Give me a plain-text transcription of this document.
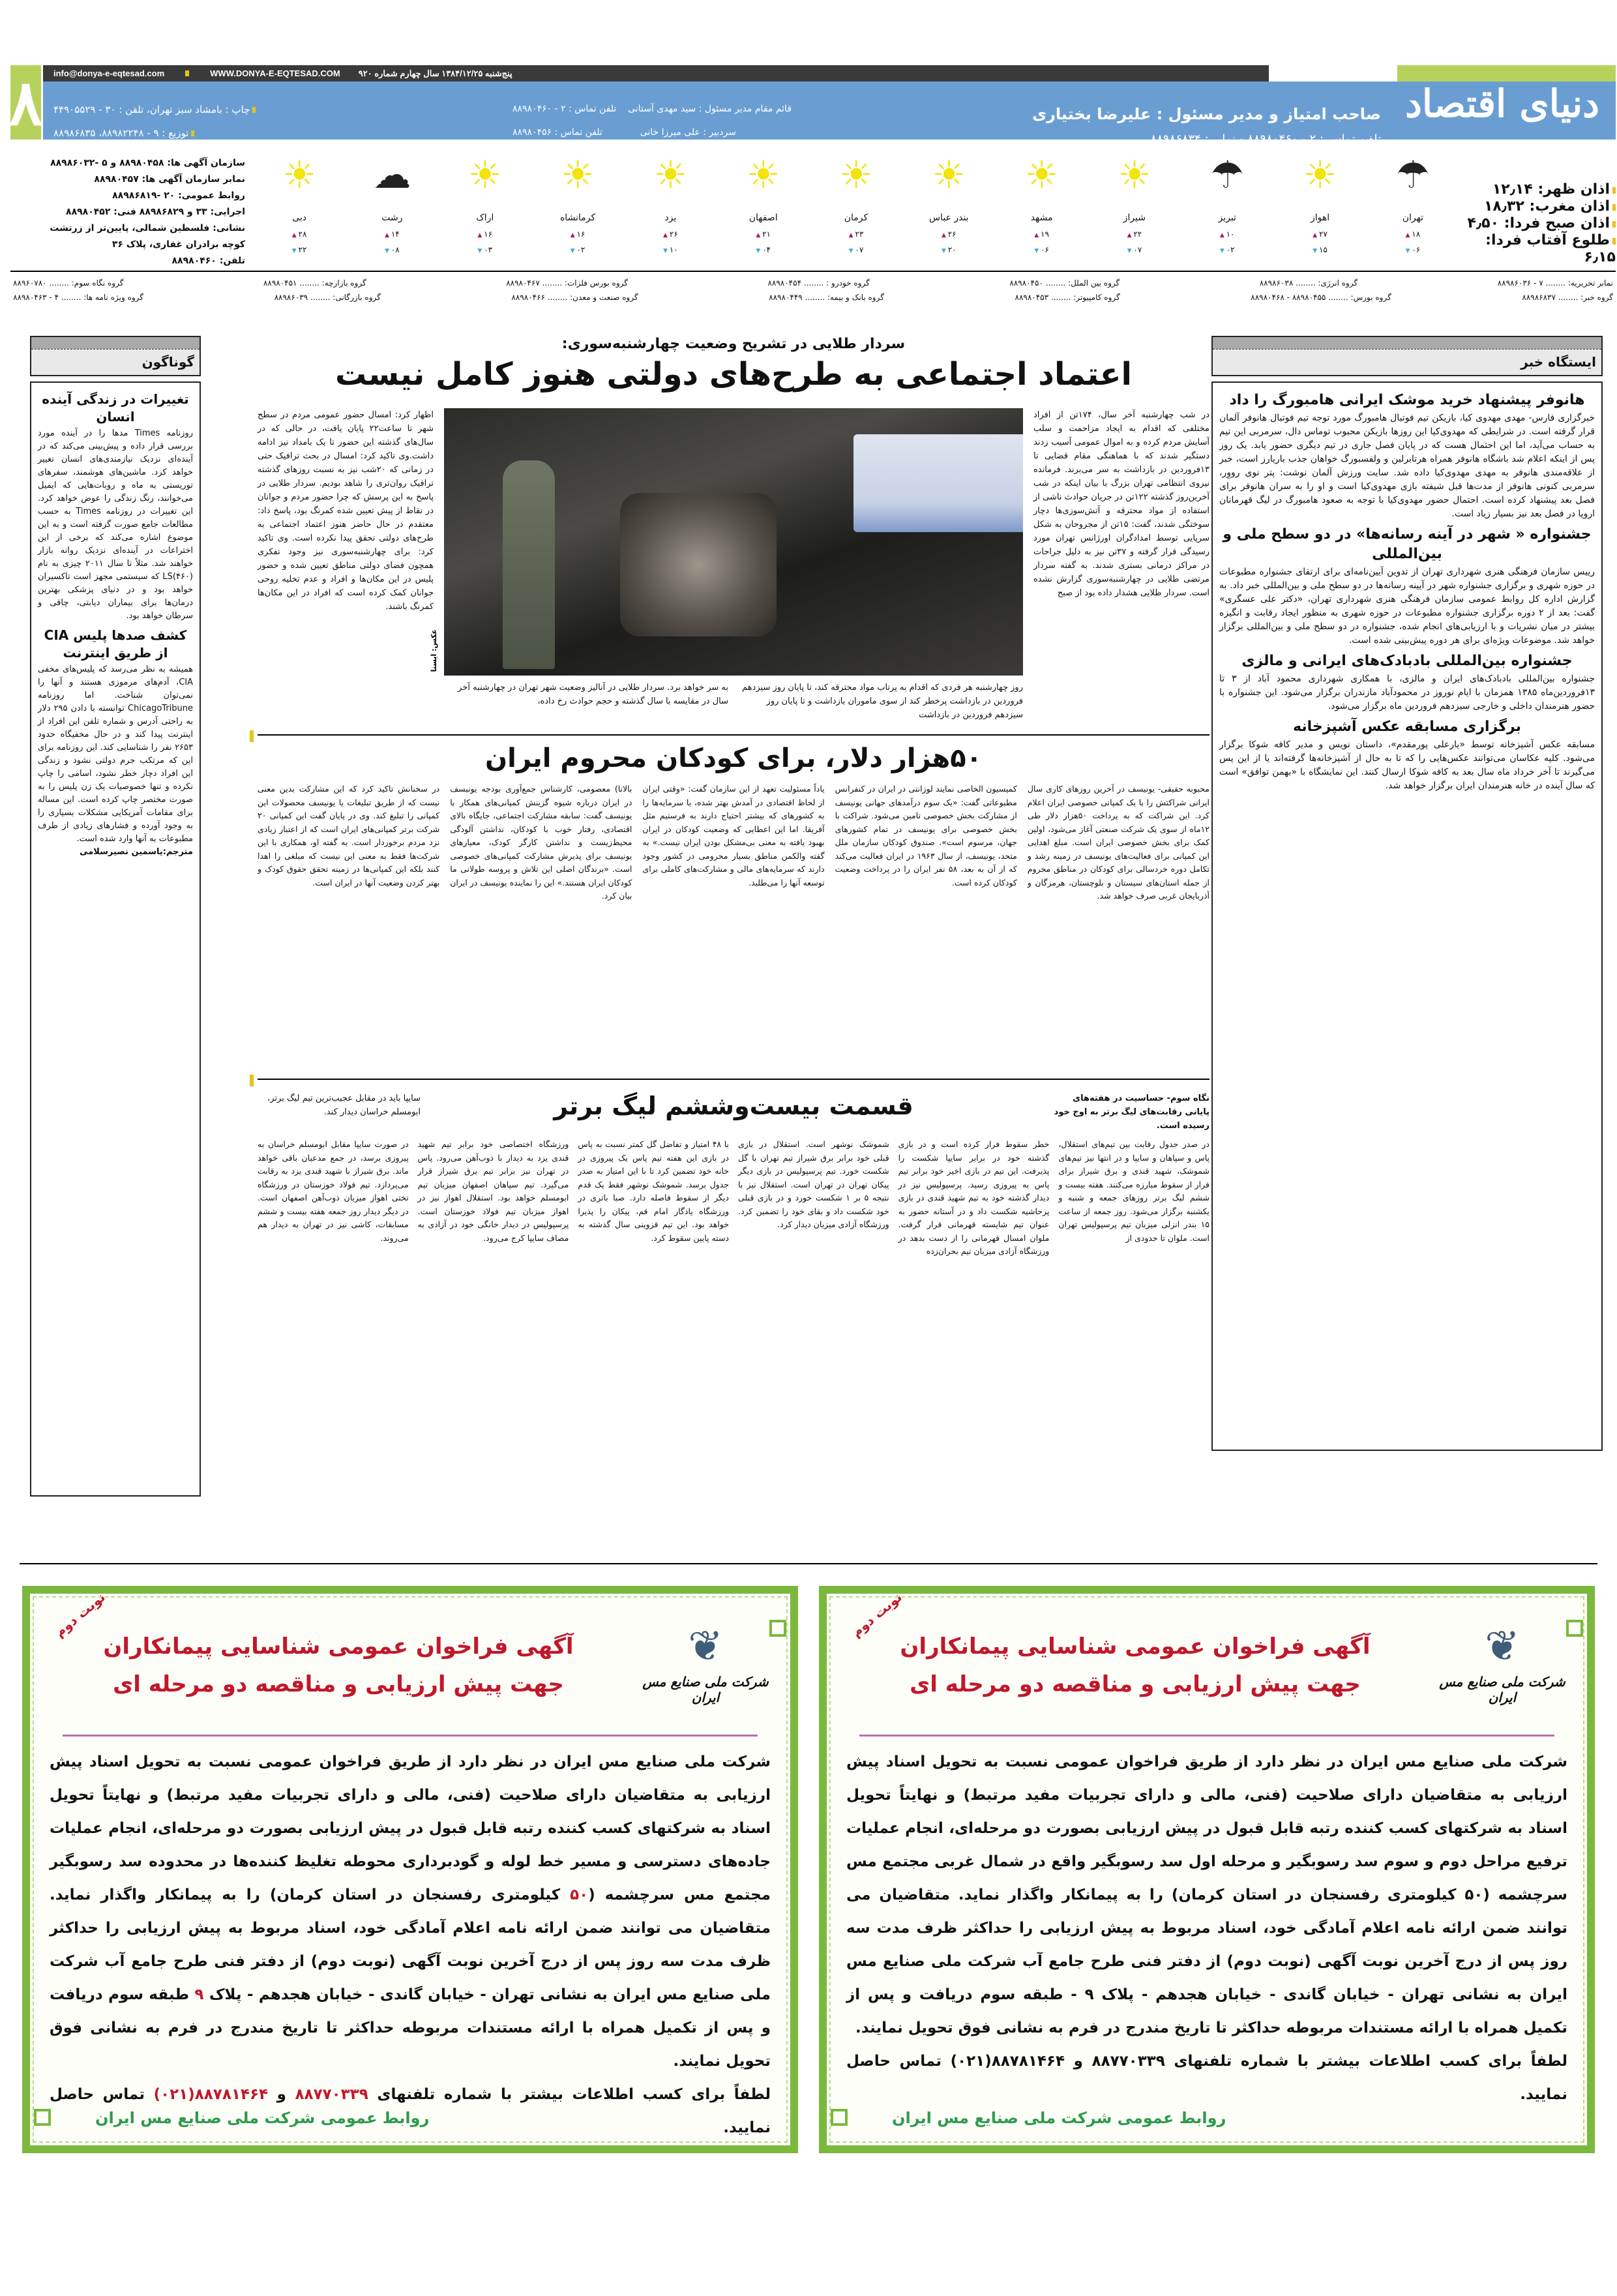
۸ info@donya-e-eqtesad.com	WWW.DONYA-E-EQTESAD.COM پنج‌شنبه ۱۳۸۴/۱۲/۲۵ سال چهارم شماره ۹۲۰
چاپ : بامشاد سبز تهران، تلفن : ۳۰ - ۴۴۹۰۵۵۲۹
توزیع : ۹ - ۸۸۹۸۲۲۴۸، ۸۸۹۸۶۸۳۵
قائم مقام مدیر مسئول : سید مهدی آستانی    تلفن تماس : ۲ - ۸۸۹۸۰۴۶۰
سردبیر : علی میرزا خانی             تلفن تماس : ۸۸۹۸۰۴۵۶
صاحب امتیاز و مدیر مسئول : علیرضا بختیاری
تلفن تماس : ۲ - ۸۸۹۸۰۴۶۰ - نمابر : ۸۸۹۸۶۸۳۴
دنیای اقتصاد
اذان ظهر: ۱۲٫۱۴
اذان مغرب: ۱۸٫۳۲
اذان صبح فردا: ۴٫۵۰
طلوع آفتاب فردا: ۶٫۱۵
☂
تهران
▲ ۱۸
▼ ۰۶
☀
اهواز
▲ ۲۷
▼ ۱۵
☂
تبریز
▲ ۱۰
▼ ۰۲
☀
شیراز
▲ ۲۲
▼ ۰۷
☀
مشهد
▲ ۱۹
▼ ۰۶
☀
بندر عباس
▲ ۲۶
▼ ۲۰
☀
کرمان
▲ ۲۳
▼ ۰۷
☀
اصفهان
▲ ۲۱
▼ ۰۴
☀
یزد
▲ ۲۶
▼ ۱۰
☀
کرمانشاه
▲ ۱۶
▼ ۰۲
☀
اراک
▲ ۱۶
▼ ۰۳
☁
رشت
▲ ۱۴
▼ ۰۸
☀
دبی
▲ ۲۸
▼ ۲۲
سازمان آگهی ها: ۸۸۹۸۰۴۵۸ و ۵ -۸۸۹۸۶۰۳۲
نمابر سازمان آگهی ها: ۸۸۹۸۰۴۵۷
روابط عمومی: ۲۰ -۸۸۹۸۶۸۱۹
اجرایی: ۳۳ و ۸۸۹۸۶۸۲۹ فنی: ۸۸۹۸۰۴۵۲
نشانی: فلسطین شمالی، پایین‌تر از زرتشت
کوچه برادران غفاری، پلاک ۳۶
تلفن: ۸۸۹۸۰۴۶۰
نمابر تحریریه: ........ ۷ - ۸۸۹۸۶۰۳۶
گروه انرژی: ........ ۸۸۹۸۶۰۳۸
گروه بین الملل: ........ ۸۸۹۸۰۴۵۰
گروه خودرو : ........ ۸۸۹۸۰۴۵۴
گروه بورس فلزات: ........ ۸۸۹۸۰۴۶۷
گروه بازارچه: ........ ۸۸۹۸۰۴۵۱
گروه نگاه سوم: ........ ۸۸۹۶۰۷۸۰
گروه خبر: ........ ۸۸۹۸۶۸۳۷
گروه بورس: ........ ۸۸۹۸۰۴۵۵ - ۸۸۹۸۰۴۶۸
گروه کامپیوتر: ........ ۸۸۹۸۰۴۵۳
گروه بانک و بیمه: ........ ۸۸۹۸۰۴۴۹
گروه صنعت و معدن: ........ ۸۸۹۸۰۴۶۶
گروه بازرگانی: ........ ۸۸۹۸۶۰۳۹
گروه ویژه نامه ها: ........ ۴ - ۸۸۹۸۰۴۶۳
ایستگاه خبر
هانوفر پیشنهاد خرید موشک ایرانی هامبورگ را داد

خبرگزاری فارس- مهدی مهدوی کیا، بازیکن تیم فوتبال هامبورگ مورد توجه تیم فوتبال هانوفر آلمان قرار گرفته است. در شرایطی که مهدوی‌کیا این روزها بازیکن محبوب توماس دال، سرمربی این تیم به حساب می‌آید، اما این احتمال هست که در پایان فصل جاری در تیم دیگری حضور یابد. یک روز پس از اینکه اعلام شد باشگاه هانوفر همراه هرتابرلین و ولفسبورگ خواهان جذب باریارز است، خبر از علاقه‌مندی هانوفر به مهدی مهدوی‌کیا داده شد. سایت ورزش آلمان نوشت: پتر نوی رووِر، سرمربی کنونی هانوفر از مدت‌ها قبل شیفته بازی مهدوی‌کیا است و او را به سران هانوفر برای فصل بعد پیشنهاد کرده است. احتمال حضور مهدوی‌کیا با توجه به صعود هامبورگ در لیگ قهرمانان اروپا در فصل بعد نیز بسیار زیاد است.

جشنواره « شهر در آینه رسانه‌ها» در دو سطح ملی و بین‌المللی

رییس سازمان فرهنگی هنری شهرداری تهران از تدوین آیین‌نامه‌ای برای ارتقای جشنواره مطبوعات در حوزه شهری و برگزاری جشنواره شهر در آیینه رسانه‌ها در دو سطح ملی و بین‌المللی خبر داد. به گزارش اداره کل روابط عمومی سازمان فرهنگی هنری شهرداری تهران، «دکتر علی عسگری» گفت: بعد از ۲ دوره برگزاری جشنواره مطبوعات در حوزه شهری به منظور ایجاد رقابت و انگیزه بیشتر در میان نشریات و با ارزیابی‌های انجام شده، جشنواره در دو سطح ملی و بین‌المللی برگزار خواهد شد. موضوعات ویژه‌ای برای هر دوره پیش‌بینی شده است.

جشنواره بین‌المللی بادبادک‌های ایرانی و مالزی

جشنواره بین‌المللی بادبادک‌های ایران و مالزی، با همکاری شهرداری محمود آباد از ۳ تا ۱۳فروردین‌ماه ۱۳۸۵ همزمان با ایام نوروز در محمودآباد مازندران برگزار می‌شود. این جشنواره با حضور هنرمندان داخلی و خارجی سیزدهم فروردین ماه برگزار می‌شود.

برگزاری مسابقه عکس آشپزخانه

مسابقه عکس آشپزخانه توسط «یارعلی پورمقدم»، داستان نویس و مدیر کافه شوکا برگزار می‌شود. کلیه عکاسان می‌توانند عکس‌هایی را که تا به حال از آشپزخانه‌ها گرفته‌اند یا از این پس می‌گیرند تا آخر خرداد ماه سال بعد به کافه شوکا ارسال کنند. این نمایشگاه با «بهمن توافق» است که سال آینده در خانه هنرمندان ایران برگزار خواهد شد.

گوناگون
تغییرات در زندگی آینده انسان

روزنامه Times مدها را در آینده مورد بررسی قرار داده و پیش‌بینی می‌کند که در آینده‌ای نزدیک نیازمندی‌های انسان تغییر خواهد کرد. ماشین‌های هوشمند، سفرهای توریستی به ماه و روبات‌هایی که ایمیل می‌خوانند، رنگ زندگی را عوض خواهد کرد. این تغییرات در روزنامه Times به حسب مطالعات جامع صورت گرفته است و به این موضوع اشاره می‌کند که برخی از این اختراعات در آینده‌ای نزدیک روانه بازار خواهند شد. مثلاً تا سال ۲۰۱۱ چیزی به نام LS(۴۶۰) که سیستمی مجهز است تاکسیران خواهد بود و در دنیای پزشکی بهترین درمان‌ها برای بیماران دیابتی، چاقی و سرطان خواهد بود.

کشف صدها پلیس CIA از طریق اینترنت

همیشه به نظر می‌رسد که پلیس‌های مخفی CIA، آدم‌های مرموزی هستند و آنها را نمی‌توان شناخت. اما روزنامه ChicagoTribune توانسته با دادن ۲۹۵ دلار به راحتی آدرس و شماره تلفن این افراد از اینترنت پیدا کند و در حال مخفیگاه حدود ۲۶۵۳ نفر را شناسایی کند. این روزنامه برای این که مرتکب جرم دولتی نشود و زندگی این افراد دچار خطر نشود، اسامی را چاپ نکرده و تنها خصوصیات یک زن پلیس را به صورت مختصر چاپ کرده است. این مساله برای مقامات آمریکایی مشکلات بسیاری را به وجود آورده و فشارهای زیادی از طرف مطبوعات به آنها وارد شده است.

مترجم:یاسمین نصیرسلامی

سردار طلایی در تشریح وضعیت چهارشنبه‌سوری:
اعتماد اجتماعی به طرح‌های دولتی هنوز کامل نیست
در شب چهارشنبه آخر سال، ۱۷۴تن از افراد مختلفی که اقدام به ایجاد مزاحمت و سلب آسایش مردم کرده و به اموال عمومی آسیب زدند دستگیر شدند که با هماهنگی مقام قضایی تا ۱۳فروردین در بازداشت به سر می‌برند. فرمانده نیروی انتظامی تهران بزرگ با بیان اینکه در شب آخرین‌روز گذشته ۱۲۲تن در جریان حوادث ناشی از استفاده از مواد محترقه و آتش‌سوزی‌ها دچار سوختگی شدند، گفت: ۱۵تن از مجروحان به شکل سرپایی توسط امدادگران اورژانس تهران مورد رسیدگی قرار گرفته و ۳۷تن نیز به دلیل جراحات در مراکز درمانی بستری شدند. به گفته سردار مرتضی طلایی در چهارشنبه‌سوری گزارش نشده است. سردار طلایی هشدار داده بود از صبح
عکس: ایسنا
روز چهارشنبه هر فردی که اقدام به پرتاب مواد محترقه کند، تا پایان روز سیزدهم فروردین در بازداشت پرخطر کند از سوی ماموران بازداشت و تا پایان روز سیزدهم فروردین در بازداشت
به سر خواهد برد. سردار طلایی در آنالیز وضعیت شهر تهران در چهارشنبه آخر سال در مقایسه با سال گذشته و حجم حوادث رخ داده،
اظهار کرد: امسال حضور عمومی مردم در سطح شهر تا ساعت۲۲ پایان یافت، در حالی که در سال‌های گذشته این حضور تا یک بامداد نیز ادامه داشت‌.وی تاکید کرد: امسال در بحث ترافیک حتی در زمانی که ۲۰شب نیز به نسبت روزهای گذشته ترافیک روان‌تری را شاهد بودیم. سردار طلایی در پاسخ به این پرسش که چرا حضور مردم و جوانان در نقاط از پیش تعیین شده کمرنگ بود، پاسخ داد: معتقدم در حال حاضر هنوز اعتماد اجتماعی به طرح‌های دولتی تحقق پیدا نکرده است. وی تاکید کرد: برای چهارشنبه‌سوری نیز وجود تفکری همچون فضای دولتی مناطق تعیین شده و حضور پلیس در این مکان‌ها و افراد و عدم تخلیه روحی جوانان کمک کرده است که افراد در این مکان‌ها کمرنگ باشند.
۵۰هزار دلار، برای کودکان محروم ایران
محبوبه حقیقی- یونیسف در آخرین روزهای کاری سال ایرانی شراکتش را با یک کمپانی خصوصی ایران اعلام کرد. این شراکت که به پرداخت ۵۰هزار دلار طی ۱۲ماه از سوی یک شرکت صنعتی آغاز می‌شود، اولین کمک برای بخش خصوصی ایران است. مبلغ اهدایی این کمپانی برای فعالیت‌های یونیسف در زمینه رشد و تکامل دوره خردسالی برای کودکان در مناطق محروم از جمله استان‌های سیستان و بلوچستان، هرمزگان و آذربایجان غربی صرف خواهد شد.
کمیسیون الخاصی نمایند لوزانتی در ایران در کنفرانس مطبوعاتی گفت: «یک سوم درآمدهای جهانی یونیسف از مشارکت بخش خصوصی تامین می‌شود. شراکت با بخش خصوصی برای یونیسف در تمام کشورهای جهان، مرسوم است». صندوق کودکان سازمان ملل متحد، یونیسف، از سال ۱۹۶۳ در ایران فعالیت می‌کند که از آن به بعد، ۵۸ نفر ایران را در پرداخت وضعیت کودکان کرده است.
یاداً مسئولیت تعهد از این سازمان گفت: «وقتی ایران از لحاظ اقتصادی در آمدش بهتر شده، با سرمایه‌ها را به کشورهای که بیشتر احتیاج دارند به فرستیم مثل آفریقا. اما این اعطایی که وضعیت کودکان در ایران بهبود یافته به معنی بی‌مشکل بودن ایران نیست.» به گفته والکمن مناطق بسیار محرومی در کشور وجود دارند که سرمایه‌های مالی و مشارکت‌های کاملی برای توسعه آنها را می‌طلبد.
بالاتا) معصومی، کارشناس جمع‌آوری بودجه یونیسف در ایران درباره شیوه گزینش کمپانی‌های همکار با یونیسف گفت: سابقه مشارکت اجتماعی، جایگاه بالای اقتصادی، رفتار خوب با کودکان، نداشتن آلودگی محیط‌زیست و نداشتن کارگر کودک، معیارهای یونیسف برای پذیرش مشارکت کمپانی‌های خصوصی است. «برندگان اصلی این تلاش و پروسه طولانی ما کودکان ایران هستند.» این را نماینده یونیسف در ایران بیان کرد.
در سخنانش تاکید کرد که این مشارکت بدین معنی نیست که از طریق تبلیغات یا یونیسف محصولات این کمپانی را تبلیغ کند. وی در پایان گفت این کمپانی ۲۰ شرکت برتر کمپانی‌های ایران است که از اعتبار زیادی نزد مردم برخوردار است. به گفته او، همکاری با این شرکت‌ها فقط به معنی این نیست که مبلغی را اهدا کنند بلکه این کمپانی‌ها در زمینه تحقق حقوق کودک و بهتر کردن وضعیت آنها در ایران است.
نگاه سوم- حساسیت در هفته‌های پایانی رقابت‌های لیگ برتر به اوج خود رسیده است.
قسمت بیست‌وششم لیگ برتر
سایپا باید در مقابل عجیب‌ترین تیم لیگ برتر، ابومسلم خراسان دیدار کند.
در صدر جدول رقابت بین تیم‌های استقلال، پاس و سپاهان و سایپا و در انتها نیز تیم‌های شموشک، شهید قندی و برق شیراز برای فرار از سقوط مبارزه می‌کنند. هفته بیست و ششم لیگ برتر روزهای جمعه و شنبه و یکشنبه برگزار می‌شود. روز جمعه از ساعت ۱۵ بندر انزلی میزبان تیم پرسپولیس تهران است. ملوان تا حدودی از
خطر سقوط فرار کرده است و در بازی گذشته خود در برابر سایپا شکست را پذیرفت. این تیم در بازی اخیر خود برابر تیم پاس به پیروزی رسید. پرسپولیس نیز در دیدار گذشته خود به تیم شهید قندی در بازی پرحاشیه شکست داد و در آستانه حضور به عنوان تیم شایسته قهرمانی قرار گرفت. ملوان امسال قهرمانی را از دست بدهد در ورزشگاه آزادی میزبان تیم بحران‌زده
شموشک نوشهر است. استقلال در بازی قبلی خود برابر برق شیراز تیم تهران با گل شکست خورد. تیم پرسپولیس در بازی دیگر پیکان تهران در تهران است. استقلال نیز با نتیجه ۵ بر ۱ شکست خورد و در بازی قبلی خود شکست داد و بقای خود را تضمین کرد. ورزشگاه آزادی میزبان دیدار کرد.
با ۴۸ امتیاز و تفاضل گل کمتر نسبت به پاس در بازی این هفته تیم پاس یک پیروزی در خانه خود تضمین کرد تا با این امتیاز به صدر جدول برسد. شموشک نوشهر فقط یک قدم دیگر از سقوط فاصله دارد. صبا باتری در ورزشگاه یادگار امام قم، پیکان را پذیرا خواهد بود. این تیم قزوینی سال گذشته به دسته پایین سقوط کرد.
ورزشگاه اختصاصی خود برابر تیم شهید قندی یزد به دیدار با ذوب‌آهن می‌رود. پاس در تهران نیز برابر تیم برق شیراز قرار می‌گیرد. تیم سپاهان اصفهان میزبان تیم ابومسلم خواهد بود. استقلال اهواز نیز در اهواز میزبان تیم فولاد خوزستان است. پرسپولیس در دیدار خانگی خود در آزادی به مصاف سایپا کرج می‌رود.
در صورت سایپا مقابل ابومسلم خراسان به پیروزی برسد، در جمع مدعیان باقی خواهد ماند. برق شیراز با شهید قندی یزد به رقابت می‌پردازد. تیم فولاد خوزستان در ورزشگاه تختی اهواز میزبان ذوب‌آهن اصفهان است. در دیگر دیدار روز جمعه هفته بیست و ششم مسابقات، کاشی نیز در تهران به دیدار هم می‌روند.
❦
شرکت ملی صنایع مس ایران
آگهی فراخوان عمومی شناسایی پیمانکاران
جهت پیش ارزیابی و مناقصه دو مرحله ای
نوبت دوم

شرکت ملی صنایع مس ایران در نظر دارد از طریق فراخوان عمومی نسبت به تحویل اسناد پیش ارزیابی به متقاضیان دارای صلاحیت (فنی، مالی و دارای تجربیات مفید مرتبط) و نهایتاً تحویل اسناد به شرکتهای کسب کننده رتبه قابل قبول در پیش ارزیابی بصورت دو مرحله‌ای، انجام عملیات ترفیع مراحل دوم و سوم سد رسوبگیر و مرحله اول سد رسوبگیر واقع در شمال غربی مجتمع مس سرچشمه (۵۰ کیلومتری رفسنجان در استان کرمان) را به پیمانکار واگذار نماید. متقاضیان می توانند ضمن ارائه نامه اعلام آمادگی خود، اسناد مربوط به پیش ارزیابی را حداکثر ظرف مدت سه روز پس از درج آخرین نوبت آگهی (نوبت دوم) از دفتر فنی طرح جامع آب شرکت ملی صنایع مس ایران به نشانی تهران - خیابان گاندی - خیابان هجدهم - پلاک ۹ - طبقه سوم دریافت و پس از تکمیل همراه با ارائه مستندات مربوطه حداکثر تا تاریخ مندرج در فرم به نشانی فوق تحویل نمایند.

لطفاً برای کسب اطلاعات بیشتر با شماره تلفنهای ۸۸۷۷۰۳۳۹ و ۸۸۷۸۱۴۶۴(۰۲۱) تماس حاصل نمایید.

روابط عمومی شرکت ملی صنایع مس ایران
❦
شرکت ملی صنایع مس ایران
آگهی فراخوان عمومی شناسایی پیمانکاران
جهت پیش ارزیابی و مناقصه دو مرحله ای
نوبت دوم

شرکت ملی صنایع مس ایران در نظر دارد از طریق فراخوان عمومی نسبت به تحویل اسناد پیش ارزیابی به متقاضیان دارای صلاحیت (فنی، مالی و دارای تجربیات مفید مرتبط) و نهایتاً تحویل اسناد به شرکتهای کسب کننده رتبه قابل قبول در پیش ارزیابی بصورت دو مرحله‌ای، انجام عملیات جاده‌های دسترسی و مسیر خط لوله و گودبرداری محوطه تغلیظ کننده‌ها در محدوده سد رسوبگیر مجتمع مس سرچشمه (۵۰ کیلومتری رفسنجان در استان کرمان) را به پیمانکار واگذار نماید. متقاضیان می توانند ضمن ارائه نامه اعلام آمادگی خود، اسناد مربوط به پیش ارزیابی را حداکثر ظرف مدت سه روز پس از درج آخرین نوبت آگهی (نوبت دوم) از دفتر فنی طرح جامع آب شرکت ملی صنایع مس ایران به نشانی تهران - خیابان گاندی - خیابان هجدهم - پلاک ۹ طبقه سوم دریافت و پس از تکمیل همراه با ارائه مستندات مربوطه حداکثر تا تاریخ مندرج در فرم به نشانی فوق تحویل نمایند.

لطفاً برای کسب اطلاعات بیشتر با شماره تلفنهای ۸۸۷۷۰۳۳۹ و ۸۸۷۸۱۴۶۴(۰۲۱) تماس حاصل نمایید.

روابط عمومی شرکت ملی صنایع مس ایران
